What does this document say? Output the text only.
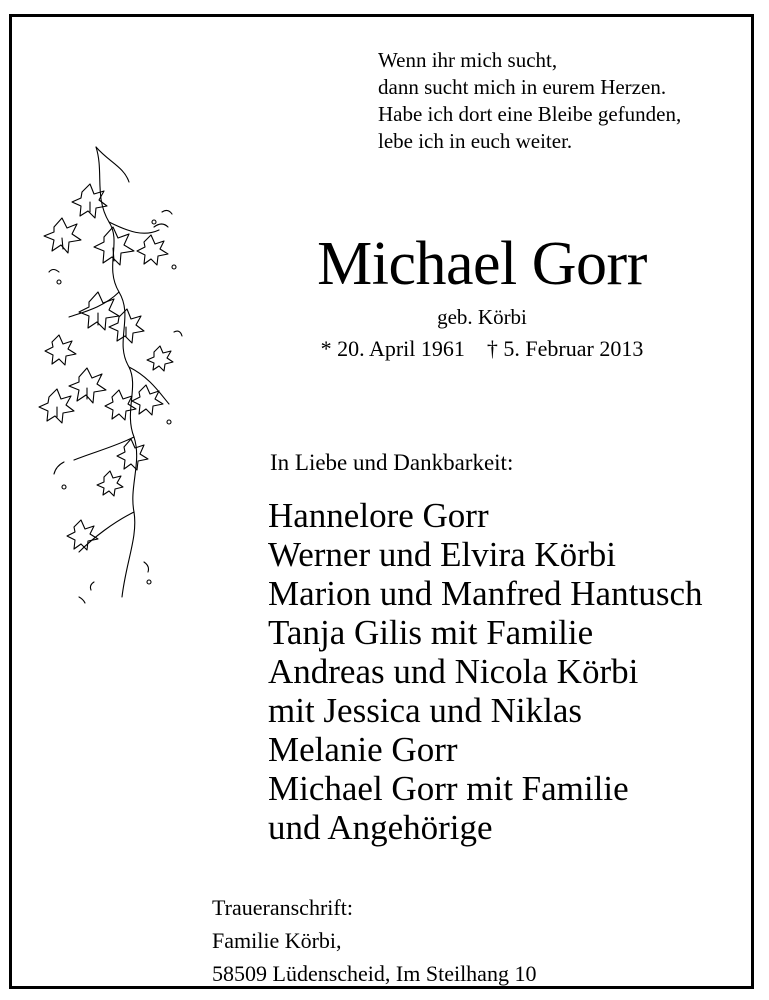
Wenn ihr mich sucht,
dann sucht mich in eurem Herzen.
Habe ich dort eine Bleibe gefunden,
lebe ich in euch weiter.
Michael Gorr
geb. Körbi
* 20. April 1961 † 5. Februar 2013
In Liebe und Dankbarkeit:
Hannelore Gorr
Werner und Elvira Körbi
Marion und Manfred Hantusch
Tanja Gilis mit Familie
Andreas und Nicola Körbi
mit Jessica und Niklas
Melanie Gorr
Michael Gorr mit Familie
und Angehörige
Traueranschrift:
Familie Körbi,
58509 Lüdenscheid, Im Steilhang 10
